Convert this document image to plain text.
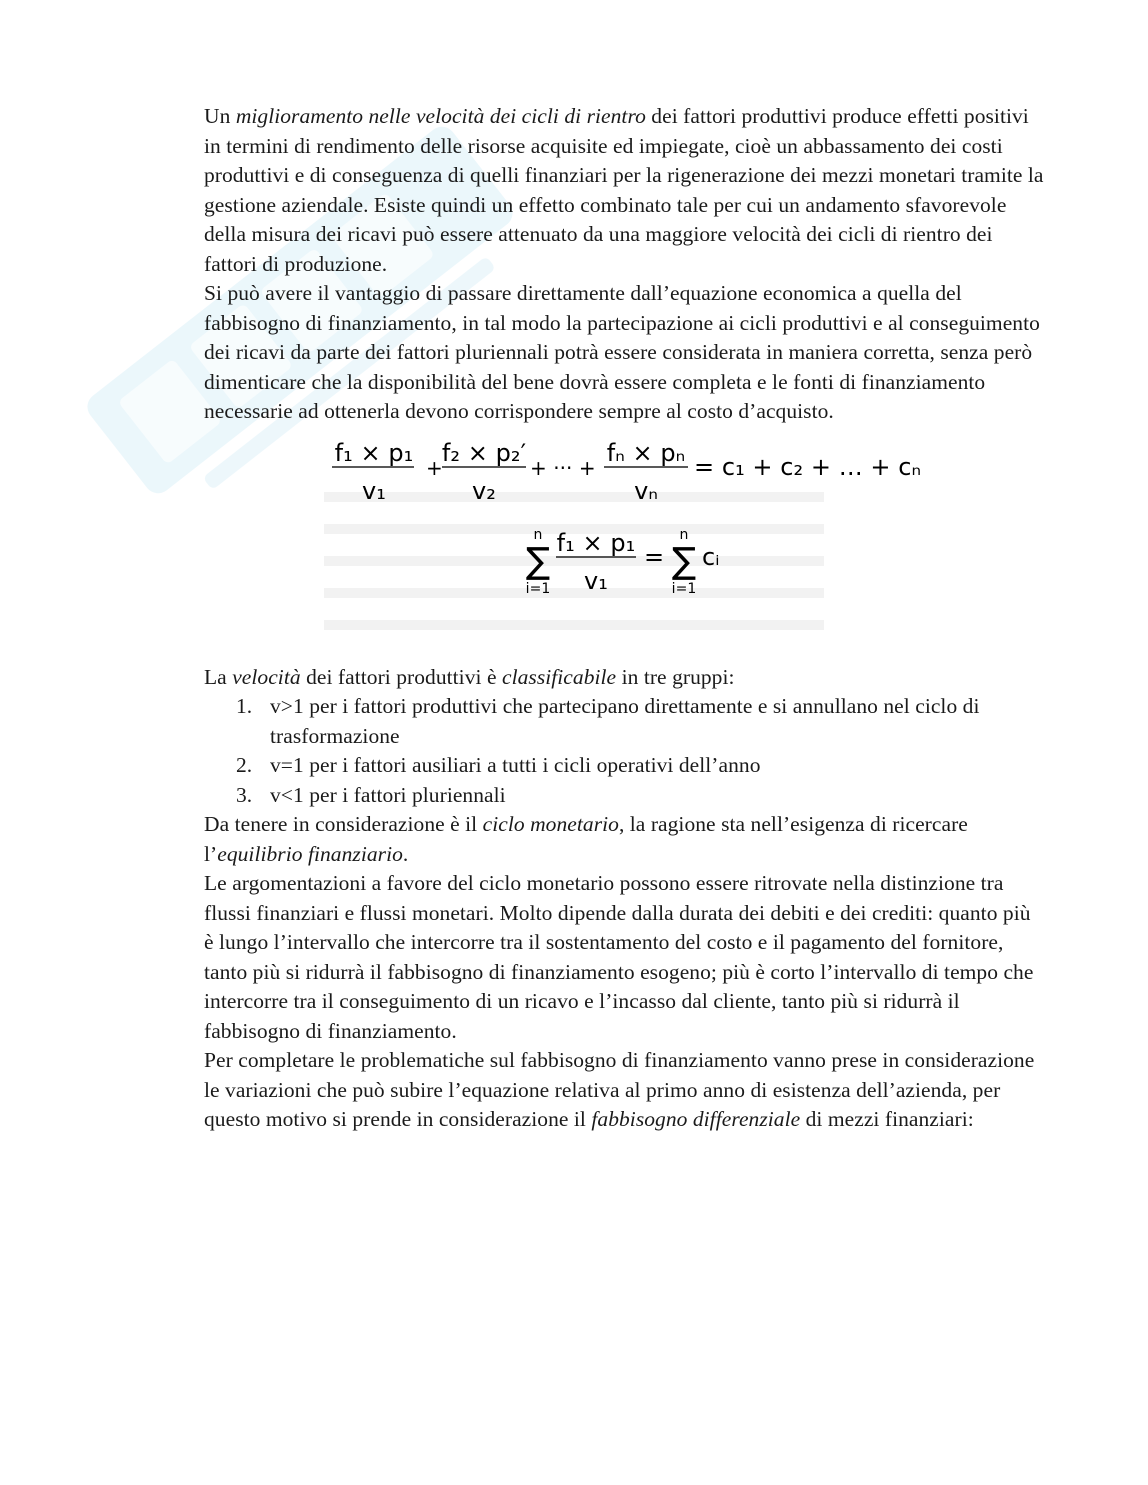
Un miglioramento nelle velocità dei cicli di rientro dei fattori produttivi produce effetti positivi in termini di rendimento delle risorse acquisite ed impiegate, cioè un abbassamento dei costi produttivi e di conseguenza di quelli finanziari per la rigenerazione dei mezzi monetari tramite la gestione aziendale. Esiste quindi un effetto combinato tale per cui un andamento sfavorevole della misura dei ricavi può essere attenuato da una maggiore velocità dei cicli di rientro dei fattori di produzione.

Si può avere il vantaggio di passare direttamente dall’equazione economica a quella del fabbisogno di finanziamento, in tal modo la partecipazione ai cicli produttivi e al conseguimento dei ricavi da parte dei fattori pluriennali potrà essere considerata in maniera corretta, senza però dimenticare che la disponibilità del bene dovrà essere completa e le fonti di finanziamento necessarie ad ottenerla devono corrispondere sempre al costo d’acquisto.

f₁ × p₁
v₁
+
f₂ × p₂′
v₂
+ ··· +
fₙ × pₙ
vₙ
= c₁ + c₂ + … + cₙ
n
∑
i=1
f₁ × p₁
v₁
=
n
∑
i=1
cᵢ

La velocità dei fattori produttivi è classificabile in tre gruppi:

1. v>1 per i fattori produttivi che partecipano direttamente e si annullano nel ciclo di trasformazione
2. v=1 per i fattori ausiliari a tutti i cicli operativi dell’anno
3. v<1 per i fattori pluriennali

Da tenere in considerazione è il ciclo monetario, la ragione sta nell’esigenza di ricercare l’equilibrio finanziario.

Le argomentazioni a favore del ciclo monetario possono essere ritrovate nella distinzione tra flussi finanziari e flussi monetari. Molto dipende dalla durata dei debiti e dei crediti: quanto più è lungo l’intervallo che intercorre tra il sostentamento del costo e il pagamento del fornitore, tanto più si ridurrà il fabbisogno di finanziamento esogeno; più è corto l’intervallo di tempo che intercorre tra il conseguimento di un ricavo e l’incasso dal cliente, tanto più si ridurrà il fabbisogno di finanziamento.

Per completare le problematiche sul fabbisogno di finanziamento vanno prese in considerazione le variazioni che può subire l’equazione relativa al primo anno di esistenza dell’azienda, per questo motivo si prende in considerazione il fabbisogno differenziale di mezzi finanziari:
